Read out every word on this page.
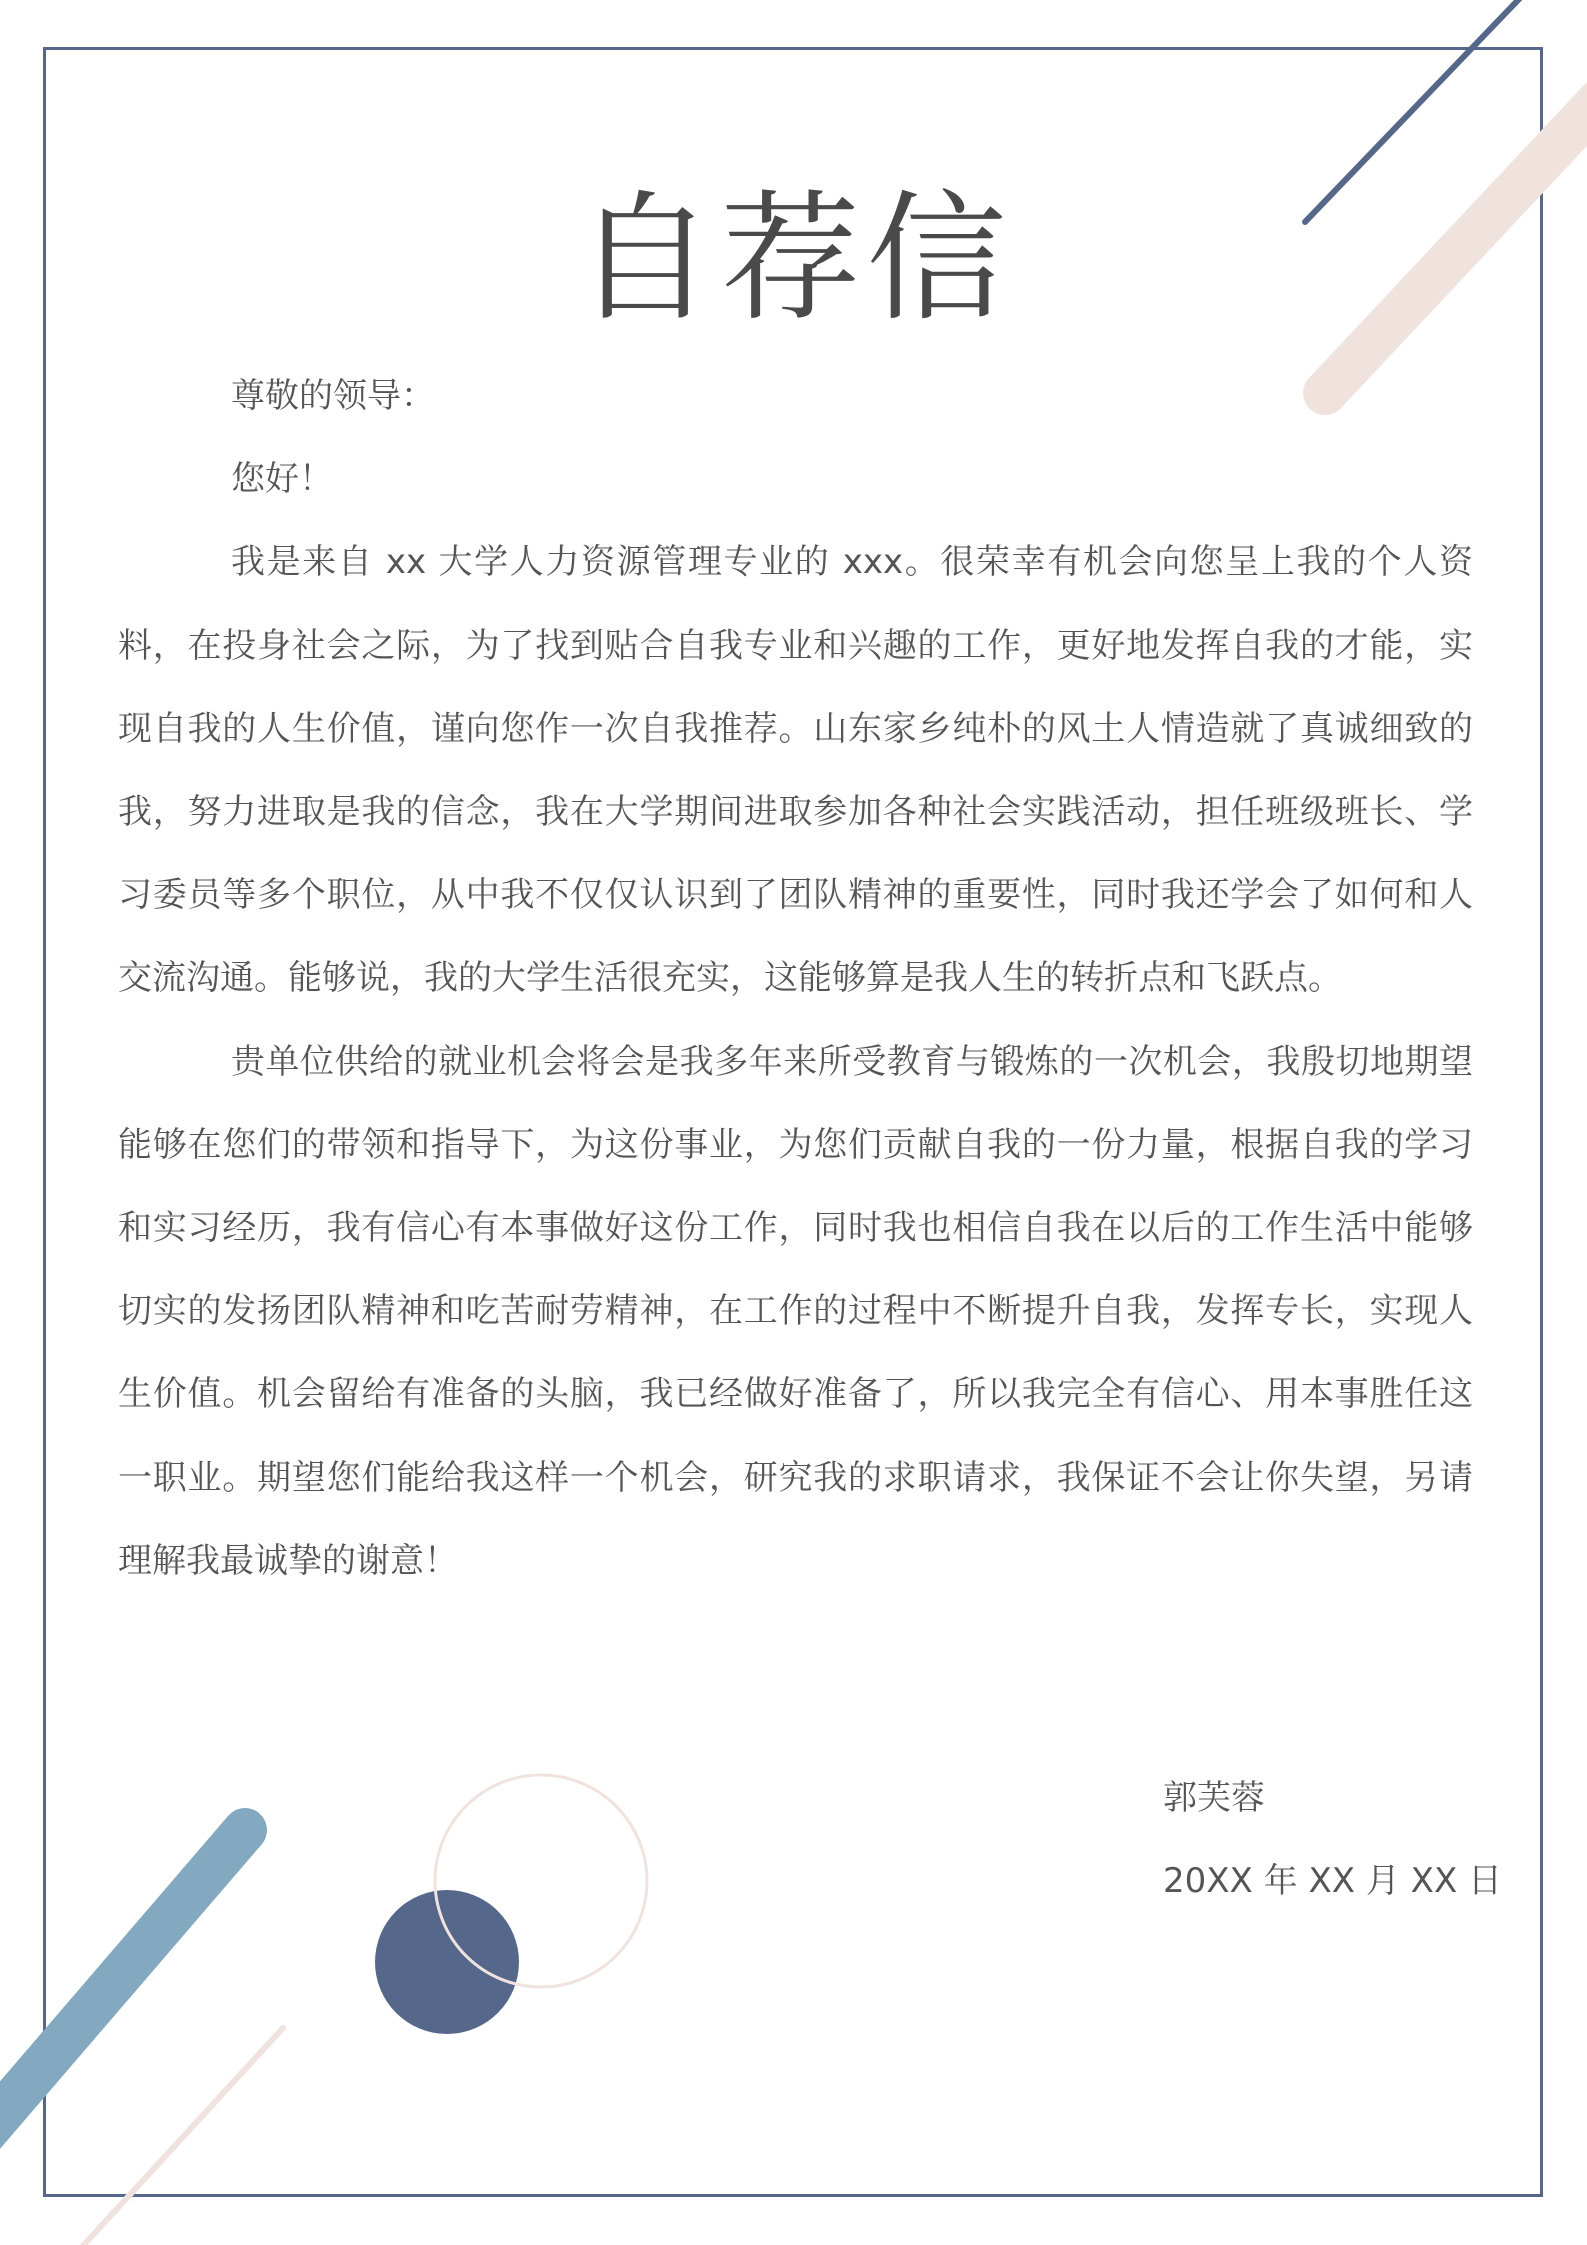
自荐信

尊敬的领导：

您好！

我是来自 xx 大学人力资源管理专业的 xxx。很荣幸有机会向您呈上我的个人资料，在投身社会之际，为了找到贴合自我专业和兴趣的工作，更好地发挥自我的才能，实现自我的人生价值，谨向您作一次自我推荐。山东家乡纯朴的风土人情造就了真诚细致的我，努力进取是我的信念，我在大学期间进取参加各种社会实践活动，担任班级班长、学习委员等多个职位，从中我不仅仅认识到了团队精神的重要性，同时我还学会了如何和人交流沟通。能够说，我的大学生活很充实，这能够算是我人生的转折点和飞跃点。

贵单位供给的就业机会将会是我多年来所受教育与锻炼的一次机会，我殷切地期望能够在您们的带领和指导下，为这份事业，为您们贡献自我的一份力量，根据自我的学习和实习经历，我有信心有本事做好这份工作，同时我也相信自我在以后的工作生活中能够切实的发扬团队精神和吃苦耐劳精神，在工作的过程中不断提升自我，发挥专长，实现人生价值。机会留给有准备的头脑，我已经做好准备了，所以我完全有信心、用本事胜任这一职业。期望您们能给我这样一个机会，研究我的求职请求，我保证不会让你失望，另请理解我最诚挚的谢意！

郭芙蓉
20XX 年 XX 月 XX 日
